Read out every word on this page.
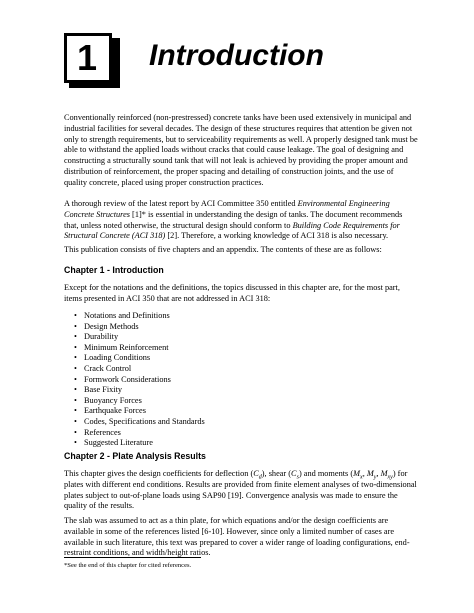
1 Introduction

Conventionally reinforced (non-prestressed) concrete tanks have been used extensively in municipal and industrial facilities for several decades. The design of these structures requires that attention be given not only to strength requirements, but to serviceability requirements as well. A properly designed tank must be able to withstand the applied loads without cracks that could cause leakage. The goal of designing and constructing a structurally sound tank that will not leak is achieved by providing the proper amount and distribution of reinforcement, the proper spacing and detailing of construction joints, and the use of quality concrete, placed using proper construction practices.

A thorough review of the latest report by ACI Committee 350 entitled Environmental Engineering Concrete Structures [1]* is essential in understanding the design of tanks. The document recommends that, unless noted otherwise, the structural design should conform to Building Code Requirements for Structural Concrete (ACI 318) [2]. Therefore, a working knowledge of ACI 318 is also necessary.

This publication consists of five chapters and an appendix. The contents of these are as follows:

Chapter 1 - Introduction

Except for the notations and the definitions, the topics discussed in this chapter are, for the most part, items presented in ACI 350 that are not addressed in ACI 318:

• Notations and Definitions
• Design Methods
• Durability
• Minimum Reinforcement
• Loading Conditions
• Crack Control
• Formwork Considerations
• Base Fixity
• Buoyancy Forces
• Earthquake Forces
• Codes, Specifications and Standards
• References
• Suggested Literature
Chapter 2 - Plate Analysis Results

This chapter gives the design coefficients for deflection $(C_d)$, shear $(C_s)$ and moments ($M_x$, $M_y$, $M_{xy}$) for plates with different end conditions. Results are provided from finite element analyses of two-dimensional plates subject to out-of-plane loads using SAP90 [19]. Convergence analysis was made to ensure the quality of the results.

The slab was assumed to act as a thin plate, for which equations and/or the design coefficients are available in some of the references listed [6-10]. However, since only a limited number of cases are available in such literature, this text was prepared to cover a wider range of loading configurations, end-restraint conditions, and width/height ratios.

*See the end of this chapter for cited references.
